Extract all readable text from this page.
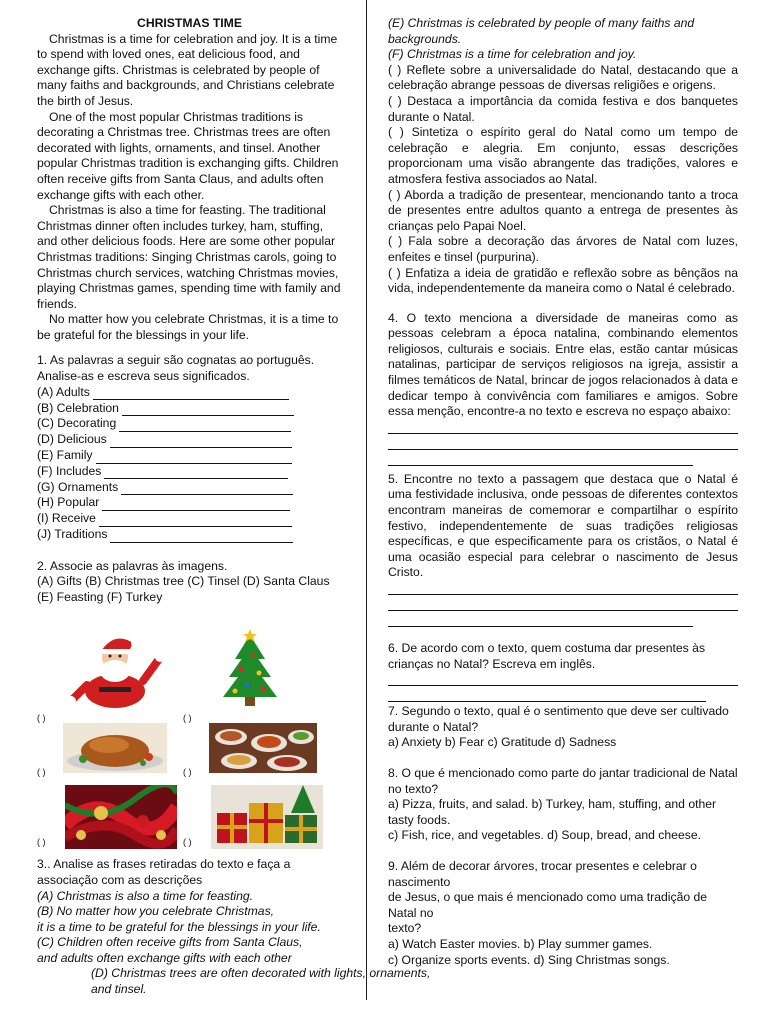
CHRISTMAS TIME

Christmas is a time for celebration and joy. It is a time to spend with loved ones, eat delicious food, and exchange gifts. Christmas is celebrated by people of many faiths and backgrounds, and Christians celebrate the birth of Jesus.

One of the most popular Christmas traditions is decorating a Christmas tree. Christmas trees are often decorated with lights, ornaments, and tinsel. Another popular Christmas tradition is exchanging gifts. Children often receive gifts from Santa Claus, and adults often exchange gifts with each other.

Christmas is also a time for feasting. The traditional Christmas dinner often includes turkey, ham, stuffing, and other delicious foods. Here are some other popular Christmas traditions: Singing Christmas carols, going to Christmas church services, watching Christmas movies, playing Christmas games, spending time with family and friends.

No matter how you celebrate Christmas, it is a time to be grateful for the blessings in your life.

1. As palavras a seguir são cognatas ao português.

Analise-as e escreva seus significados.

(A) Adults
(B) Celebration
(C) Decorating
(D) Delicious
(E) Family
(F) Includes
(G) Ornaments
(H) Popular
(I) Receive
(J) Traditions

2. Associe as palavras às imagens.

(A) Gifts (B) Christmas tree (C) Tinsel (D) Santa Claus

(E) Feasting (F) Turkey

( )	( )
( )	( )
( )	( )

3.. Analise as frases retiradas do texto e faça a

associação com as descrições

(A) Christmas is also a time for feasting.

(B) No matter how you celebrate Christmas,

it is a time to be grateful for the blessings in your life.

(C) Children often receive gifts from Santa Claus,

and adults often exchange gifts with each other

(D) Christmas trees are often decorated with lights, ornaments,

and tinsel.

(E) Christmas is celebrated by people of many faiths and

backgrounds.

(F) Christmas is a time for celebration and joy.

( ) Reflete sobre a universalidade do Natal, destacando que a celebração abrange pessoas de diversas religiões e origens.

( ) Destaca a importância da comida festiva e dos banquetes durante o Natal.

( ) Sintetiza o espírito geral do Natal como um tempo de celebração e alegria. Em conjunto, essas descrições proporcionam uma visão abrangente das tradições, valores e atmosfera festiva associados ao Natal.

( ) Aborda a tradição de presentear, mencionando tanto a troca de presentes entre adultos quanto a entrega de presentes às crianças pelo Papai Noel.

( ) Fala sobre a decoração das árvores de Natal com luzes, enfeites e tinsel (purpurina).

( ) Enfatiza a ideia de gratidão e reflexão sobre as bênçãos na vida, independentemente da maneira como o Natal é celebrado.

4. O texto menciona a diversidade de maneiras como as pessoas celebram a época natalina, combinando elementos religiosos, culturais e sociais. Entre elas, estão cantar músicas natalinas, participar de serviços religiosos na igreja, assistir a filmes temáticos de Natal, brincar de jogos relacionados à data e dedicar tempo à convivência com familiares e amigos. Sobre essa menção, encontre-a no texto e escreva no espaço abaixo:

5. Encontre no texto a passagem que destaca que o Natal é uma festividade inclusiva, onde pessoas de diferentes contextos encontram maneiras de comemorar e compartilhar o espírito festivo, independentemente de suas tradições religiosas específicas, e que especificamente para os cristãos, o Natal é uma ocasião especial para celebrar o nascimento de Jesus Cristo.

6. De acordo com o texto, quem costuma dar presentes às

crianças no Natal? Escreva em inglês.

7. Segundo o texto, qual é o sentimento que deve ser cultivado

durante o Natal?

a) Anxiety b) Fear c) Gratitude d) Sadness

8. O que é mencionado como parte do jantar tradicional de Natal

no texto?

a) Pizza, fruits, and salad. b) Turkey, ham, stuffing, and other

tasty foods.

c) Fish, rice, and vegetables. d) Soup, bread, and cheese.

9. Além de decorar árvores, trocar presentes e celebrar o nascimento

de Jesus, o que mais é mencionado como uma tradição de Natal no

texto?

a) Watch Easter movies. b) Play summer games.

c) Organize sports events. d) Sing Christmas songs.
